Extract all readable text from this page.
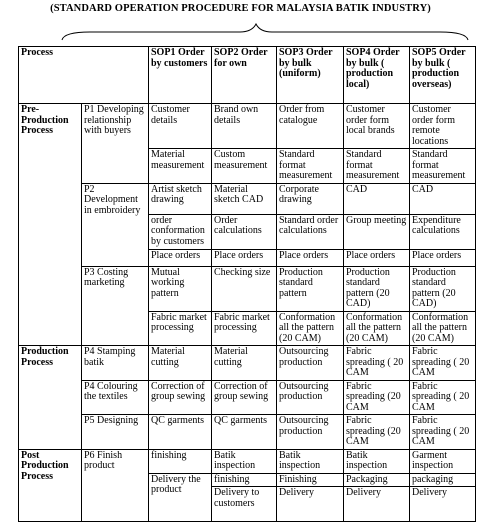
(STANDARD OPERATION PROCEDURE FOR MALAYSIA BATIK INDUSTRY)
Process		SOP1 Order by customers	SOP2 Order for own	SOP3 Order by bulk (uniform)	SOP4 Order by bulk ( production local)	SOP5 Order by bulk ( production overseas)
Pre-Production Process	P1 Developing relationship with buyers	Customer details	Brand own details	Order from catalogue	Customer order form local brands	Customer order form remote locations
		Material measurement	Custom measurement	Standard format measurement	Standard format measurement	Standard format measurement
	P2 Development in embroidery	Artist sketch drawing	Material sketch CAD	Corporate drawing	CAD	CAD
		order conformation by customers	Order calculations	Standard order calculations	Group meeting	Expenditure calculations
		Place orders	Place orders	Place orders	Place orders	Place orders
	P3 Costing marketing	Mutual working pattern	Checking size	Production standard pattern	Production standard pattern (20 CAD)	Production standard pattern (20 CAD)
		Fabric market processing	Fabric market processing	Conformation all the pattern (20 CAM)	Conformation all the pattern (20 CAM)	Conformation all the pattern (20 CAM)
Production Process	P4 Stamping batik	Material cutting	Material cutting	Outsourcing production	Fabric spreading ( 20 CAM	Fabric spreading ( 20 CAM
	P4 Colouring the textiles	Correction of group sewing	Correction of group sewing	Outsourcing production	Fabric spreading (20 CAM	Fabric spreading ( 20 CAM
	P5 Designing	QC garments	QC garments	Outsourcing production	Fabric spreading (20 CAM	Fabric spreading ( 20 CAM
Post Production Process	P6 Finish product	finishing	Batik inspection	Batik inspection	Batik inspection	Garment inspection
		Delivery the product	finishing	Finishing	Packaging	packaging
			Delivery to customers	Delivery	Delivery	Delivery
